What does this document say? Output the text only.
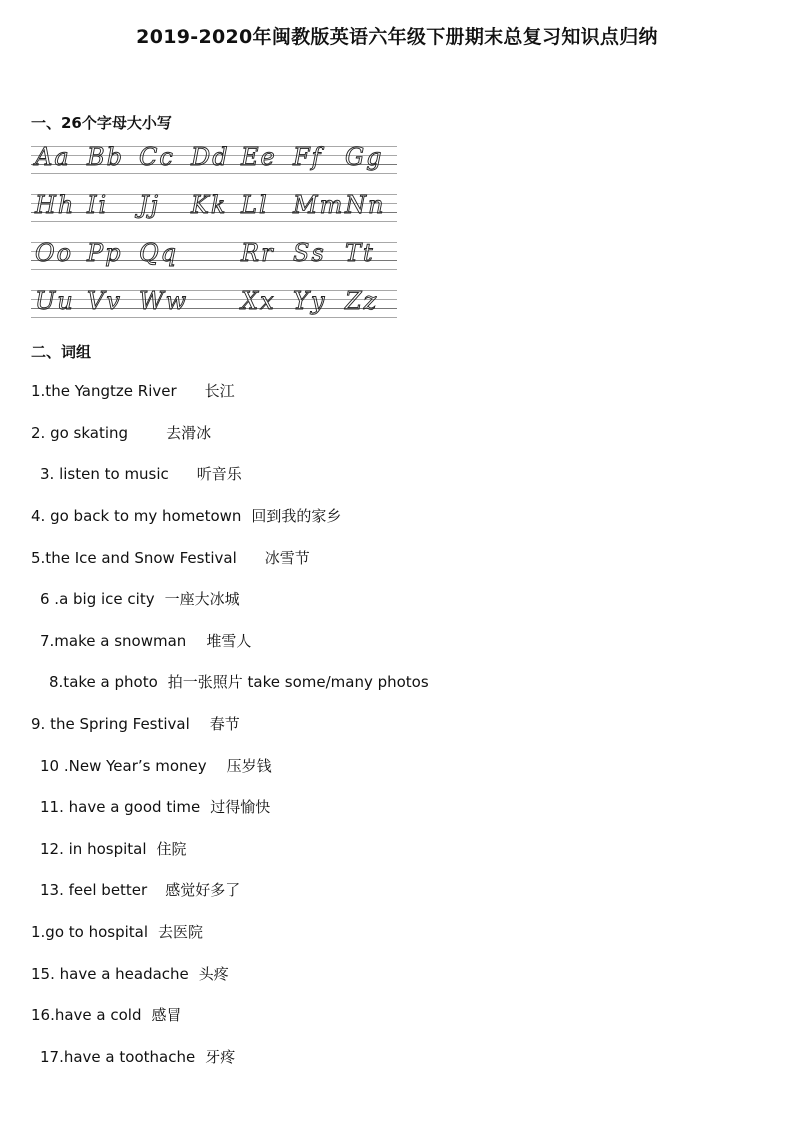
2019-2020年闽教版英语六年级下册期末总复习知识点归纳
一、26个字母大小写
Aa Bb Cc Dd Ee Ff Gg
Hh Ii Jj Kk Ll Mm Nn
Oo Pp Qq	Rr Ss Tt
Uu Vv Ww Xx Yy Zz
二、词组
1.the Yangtze River 长江
2. go skating	去滑冰
3. listen to music 听音乐
4. go back to my hometown 回到我的家乡
5.the Ice and Snow Festival 冰雪节
6 .a big ice city 一座大冰城
7.make a snowman 堆雪人
8.take a photo 拍一张照片 take some/many photos
9. the Spring Festival 春节
10 .New Year’s money 压岁钱
11. have a good time 过得愉快
12. in hospital 住院
13. feel better 感觉好多了
1.go to hospital 去医院
15. have a headache 头疼
16.have a cold 感冒
17.have a toothache 牙疼
